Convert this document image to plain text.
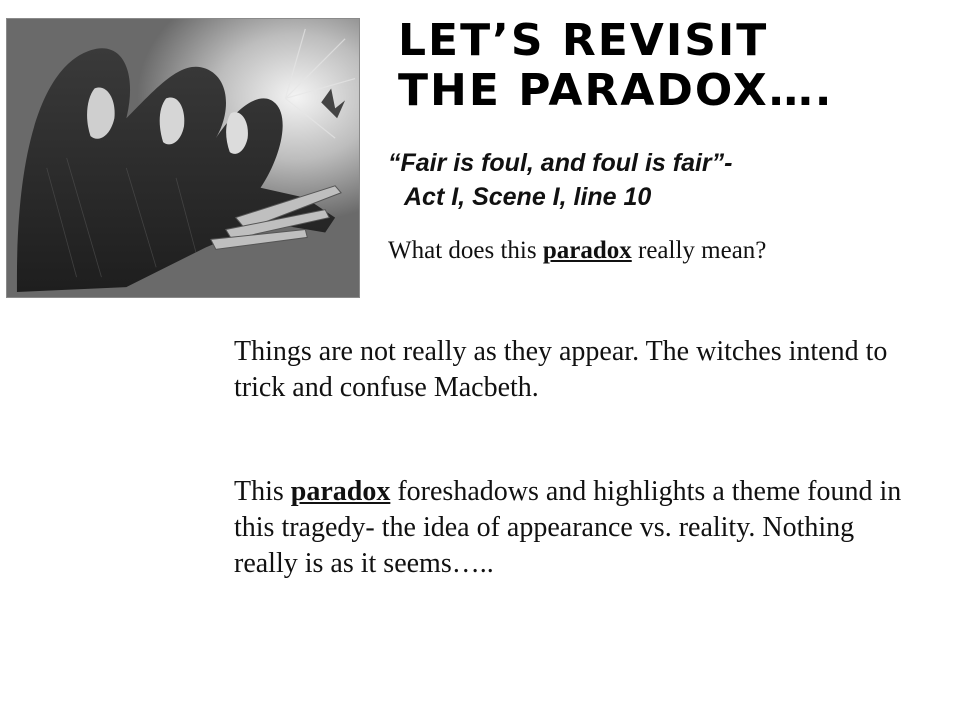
LET’S REVISIT THE PARADOX….
“Fair is foul, and foul is fair”-
Act I, Scene I, line 10
What does this paradox really mean?
Things are not really as they appear. The witches intend to trick and confuse Macbeth.
This paradox foreshadows and highlights a theme found in this tragedy- the idea of appearance vs. reality. Nothing really is as it seems…..
